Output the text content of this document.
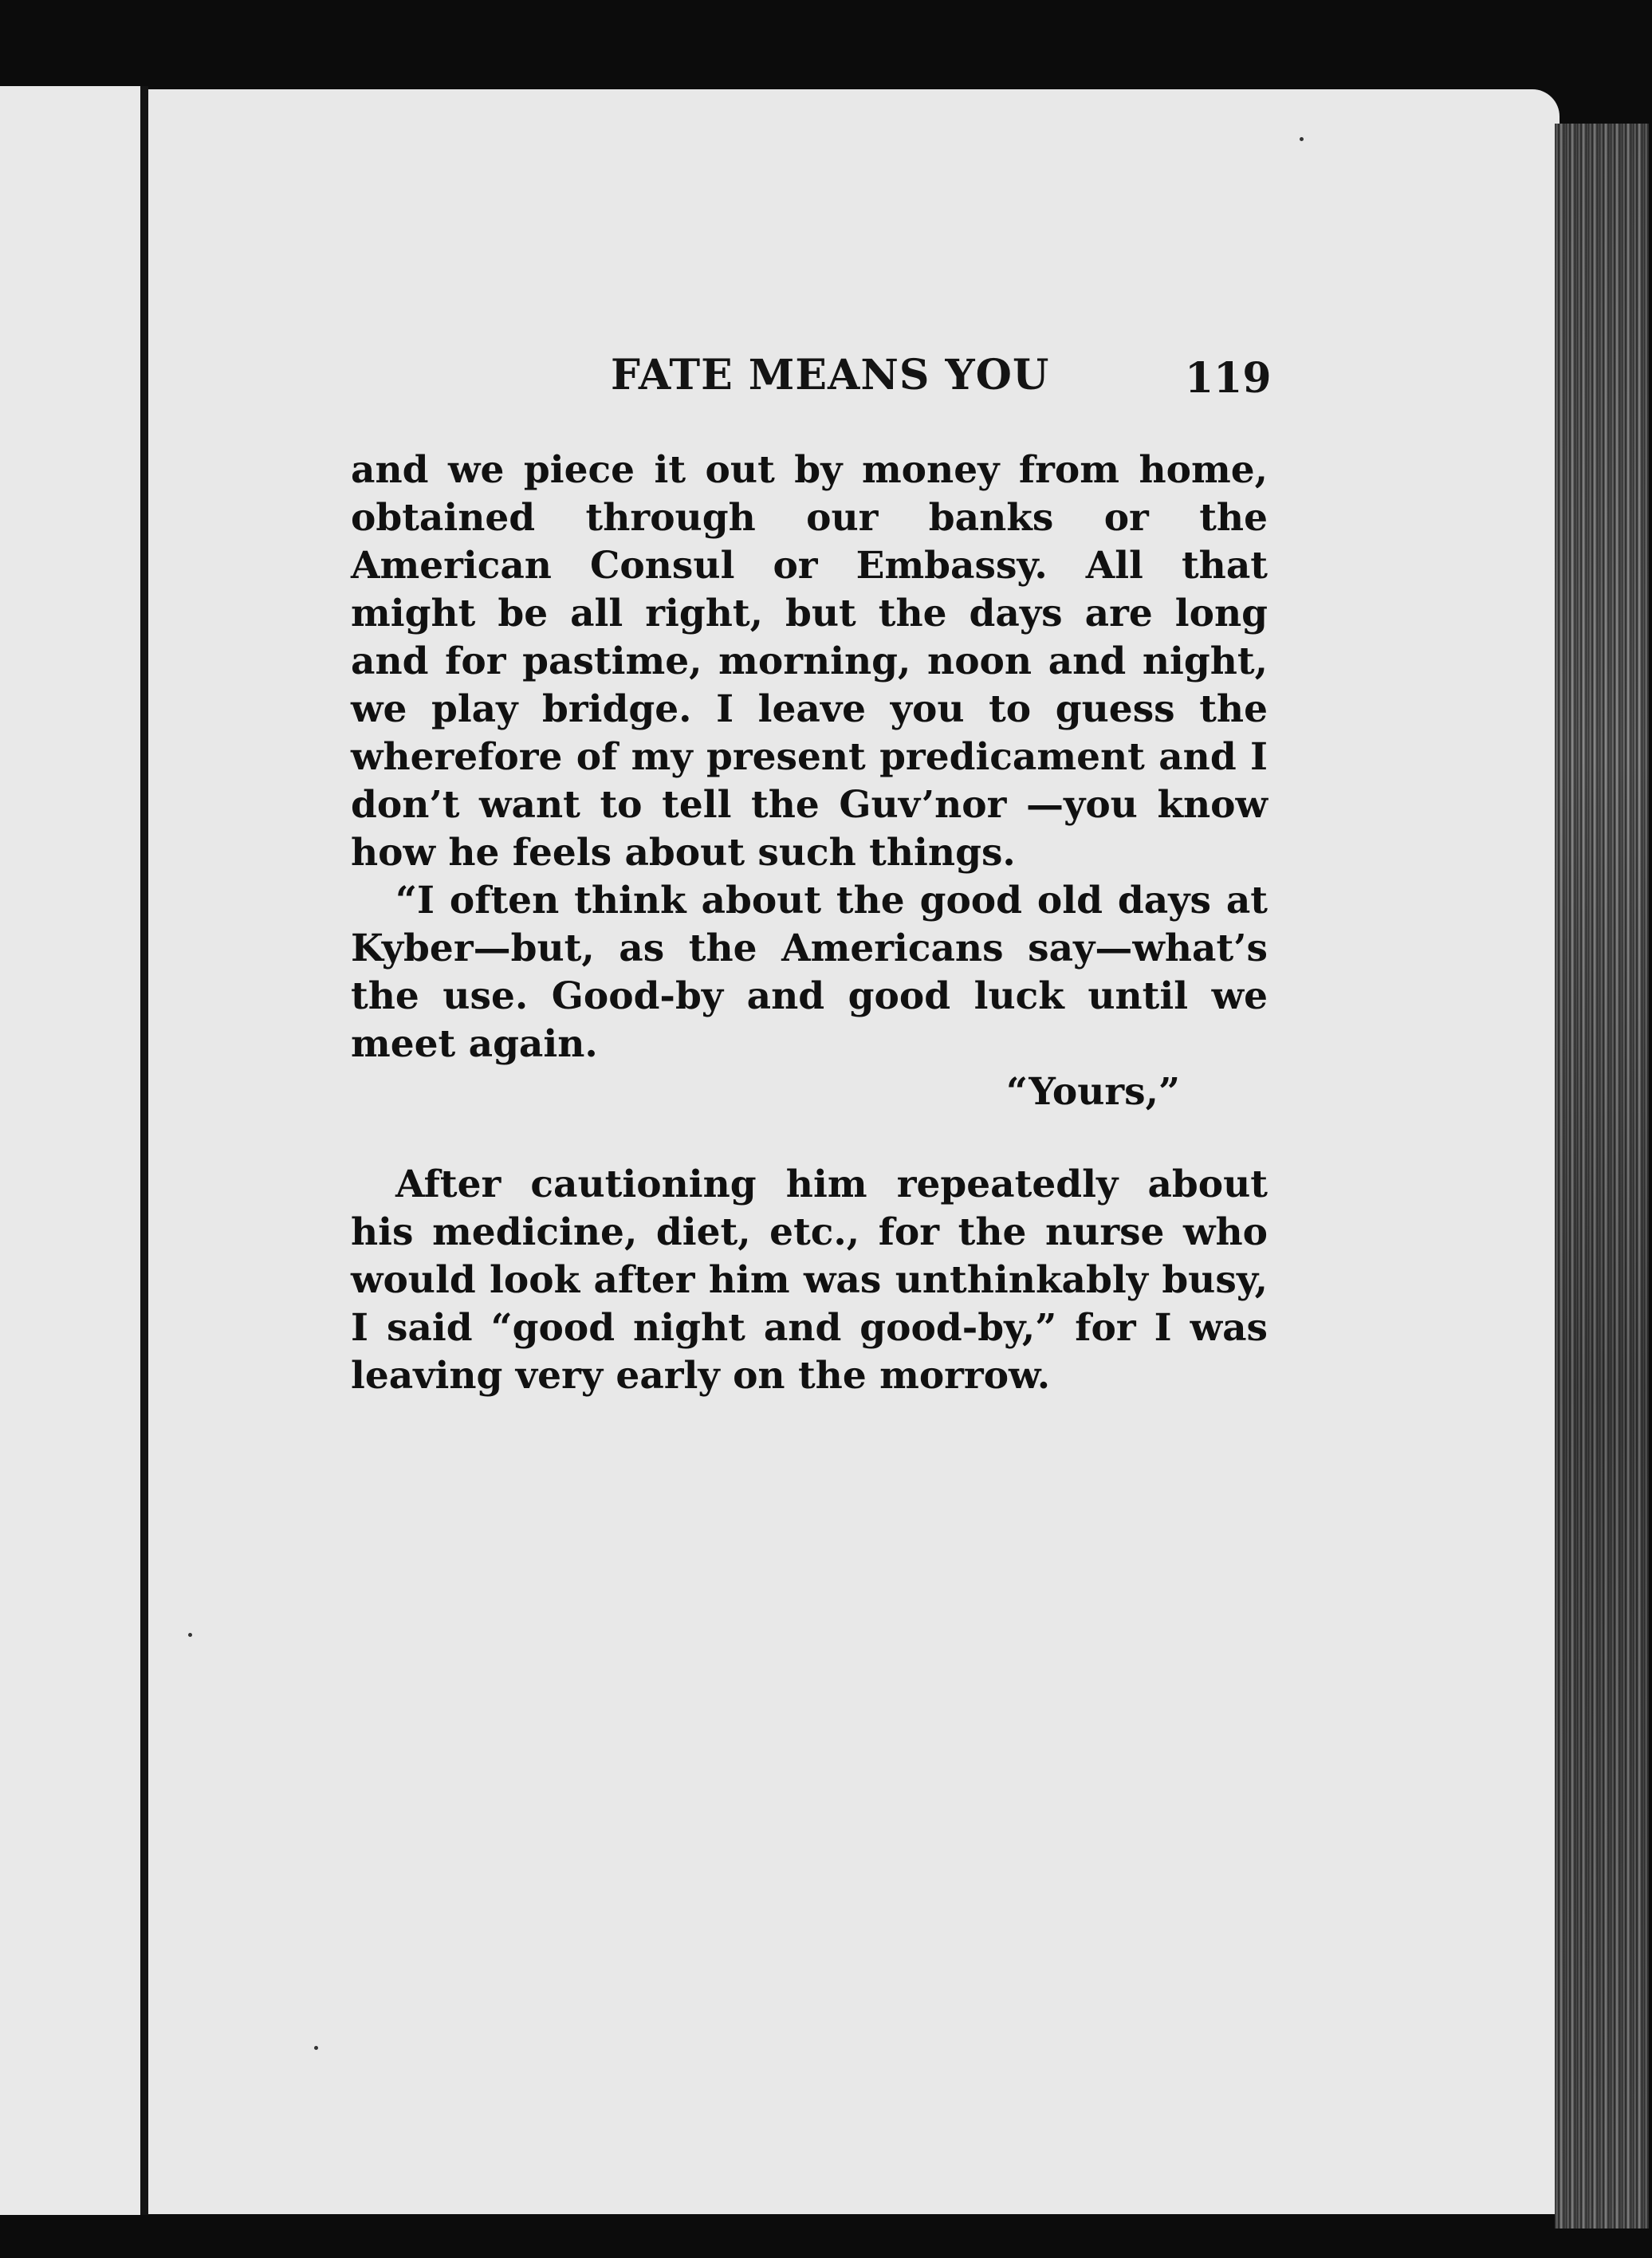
FATE MEANS YOU	119

and we piece it out by money from home, obtained through our banks or the American Consul or Embassy. All that might be all right, but the days are long and for pastime, morning, noon and night, we play bridge. I leave you to guess the wherefore of my present predicament and I don’t want to tell the Guv’nor —you know how he feels about such things.

“I often think about the good old days at Kyber—but, as the Americans say—what’s the use. Good-by and good luck until we meet again.

“Yours,”

After cautioning him repeatedly about his medicine, diet, etc., for the nurse who would look after him was unthinkably busy, I said “good night and good-by,” for I was leaving very early on the morrow.
